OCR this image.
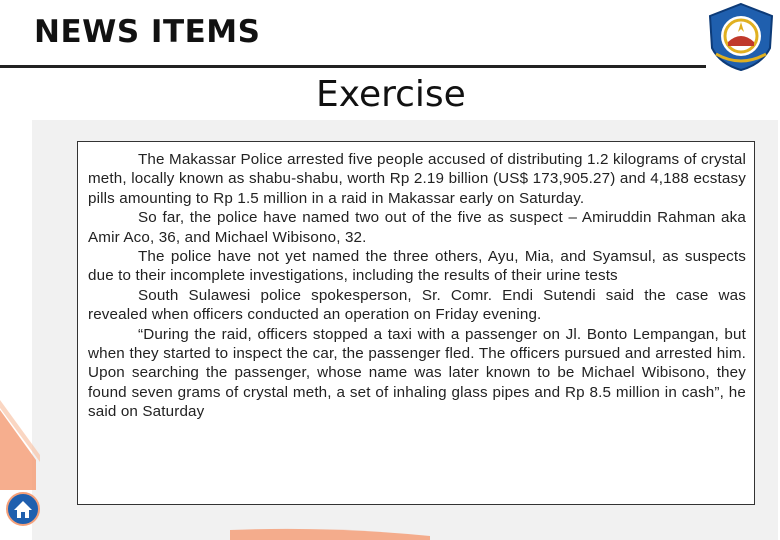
NEWS ITEMS
Exercise

The Makassar Police arrested five people accused of distributing 1.2 kilograms of crystal meth, locally known as shabu-shabu, worth Rp 2.19 billion (US$ 173,905.27) and 4,188 ecstasy pills amounting to Rp 1.5 million in a raid in Makassar early on Saturday.

So far, the police have named two out of the five as suspect – Amiruddin Rahman aka Amir Aco, 36, and Michael Wibisono, 32.

The police have not yet named the three others, Ayu, Mia, and Syamsul, as suspects due to their incomplete investigations, including the results of their urine tests

South Sulawesi police spokesperson, Sr. Comr. Endi Sutendi said the case was revealed when officers conducted an operation on Friday evening.

“During the raid, officers stopped a taxi with a passenger on Jl. Bonto Lempangan, but when they started to inspect the car, the passenger fled. The officers pursued and arrested him. Upon searching the passenger, whose name was later known to be Michael Wibisono, they found seven grams of crystal meth, a set of inhaling glass pipes and Rp 8.5 million in cash”, he said on Saturday
